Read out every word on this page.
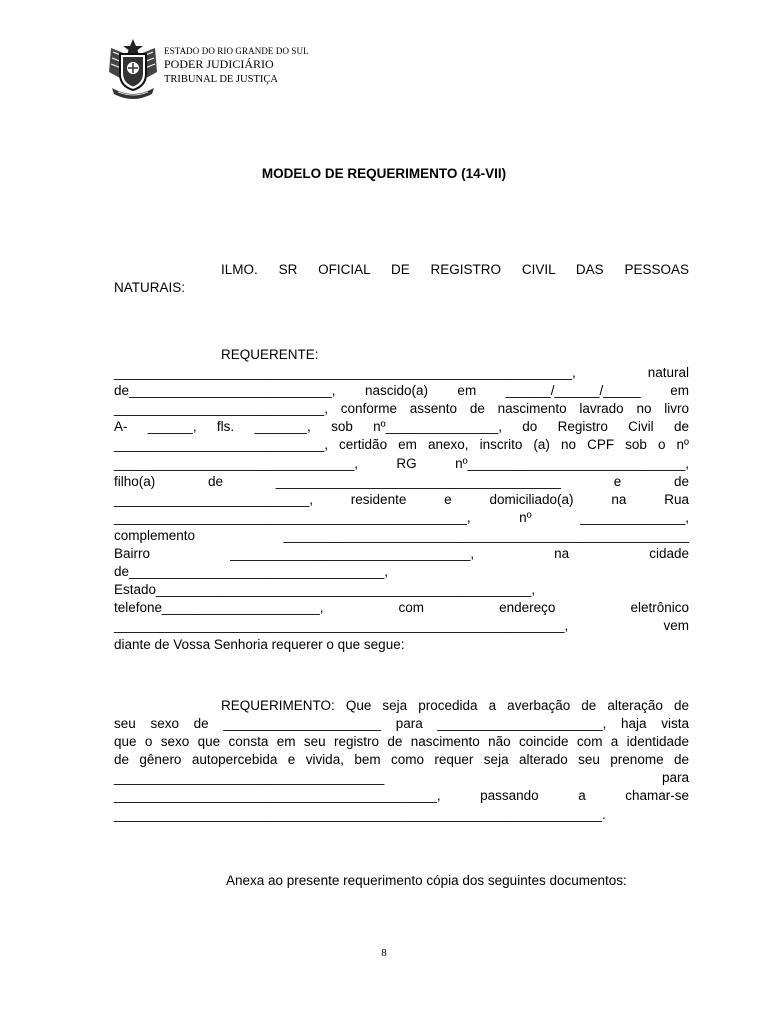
ESTADO DO RIO GRANDE DO SUL
PODER JUDICIÁRIO
TRIBUNAL DE JUSTIÇA
MODELO DE REQUERIMENTO (14-VII)
ILMO. SR OFICIAL DE REGISTRO CIVIL DAS PESSOAS
NATURAIS:
REQUERENTE:
_____________________________________________________________, natural
de___________________________, nascido(a) em ______/______/_____ em
____________________________, conforme assento de nascimento lavrado no livro
A- ______, fls. _______, sob nº_______________, do Registro Civil de
____________________________, certidão em anexo, inscrito (a) no CPF sob o nº
________________________________, RG nº_____________________________,
filho(a) de ______________________________________ e de
__________________________, residente e domiciliado(a) na Rua
_______________________________________________, nº ______________,
complemento ______________________________________________________
Bairro ________________________________, na cidade
de__________________________________,
Estado__________________________________________________,
telefone_____________________, com endereço eletrônico
____________________________________________________________, vem
diante de Vossa Senhoria requerer o que segue:
REQUERIMENTO: Que seja procedida a averbação de alteração de
seu sexo de _____________________ para ______________________, haja vista
que o sexo que consta em seu registro de nascimento não coincide com a identidade
de gênero autopercebida e vivida, bem como requer seja alterado seu prenome de
____________________________________ para
___________________________________________, passando a chamar-se
_________________________________________________________________.
Anexa ao presente requerimento cópia dos seguintes documentos:
8
